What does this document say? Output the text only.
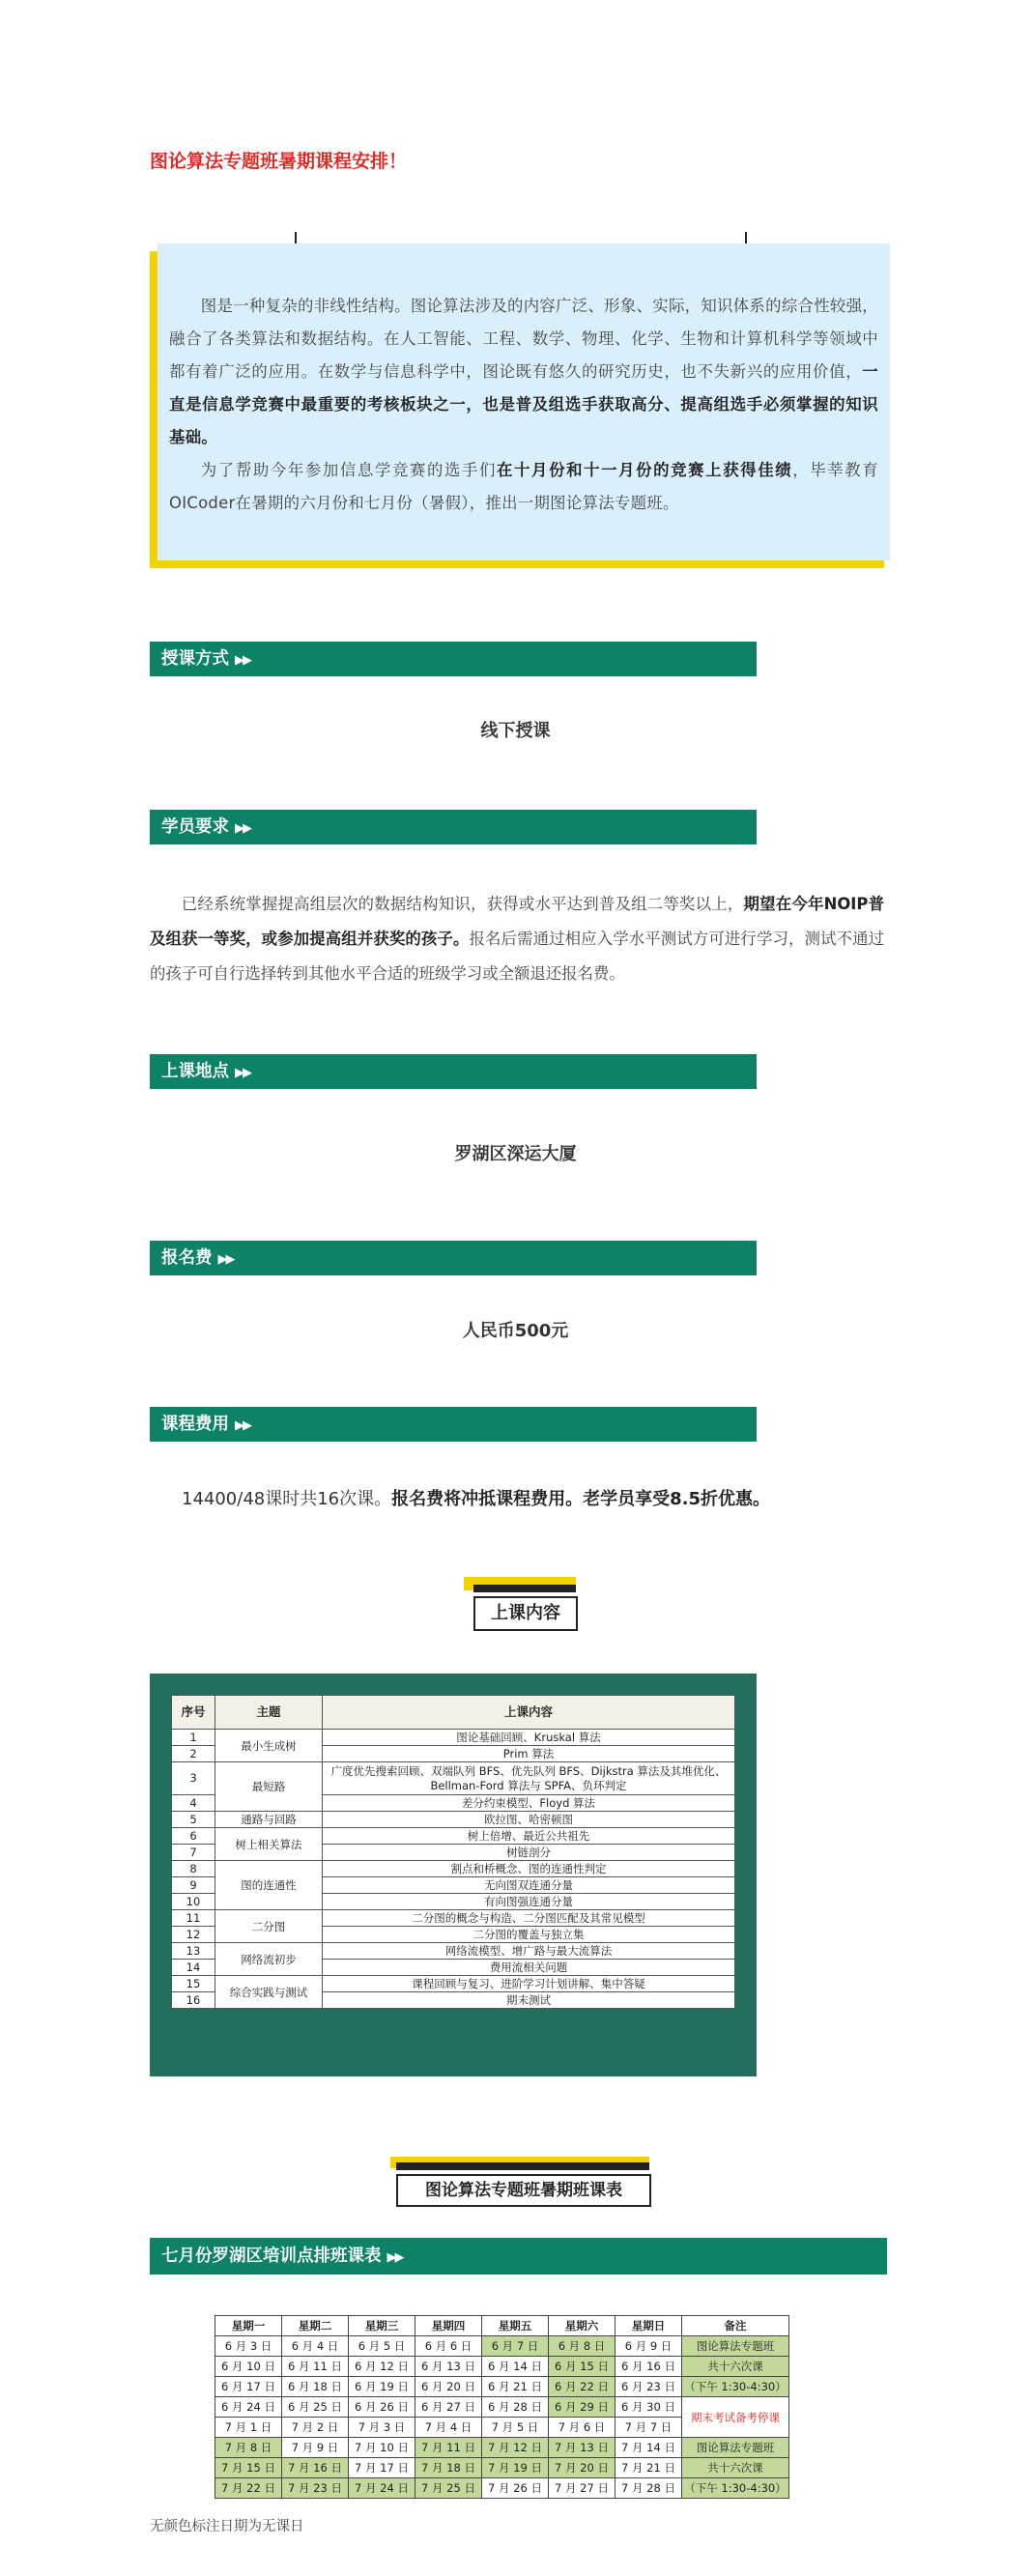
图论算法专题班暑期课程安排！

图是一种复杂的非线性结构。图论算法涉及的内容广泛、形象、实际，知识体系的综合性较强，融合了各类算法和数据结构。在人工智能、工程、数学、物理、化学、生物和计算机科学等领域中都有着广泛的应用。在数学与信息科学中，图论既有悠久的研究历史，也不失新兴的应用价值，一直是信息学竞赛中最重要的考核板块之一，也是普及组选手获取高分、提高组选手必须掌握的知识基础。

为了帮助今年参加信息学竞赛的选手们在十月份和十一月份的竞赛上获得佳绩，毕莘教育OICoder在暑期的六月份和七月份（暑假），推出一期图论算法专题班。

授课方式 ▶▶
线下授课
学员要求 ▶▶

已经系统掌握提高组层次的数据结构知识，获得或水平达到普及组二等奖以上，期望在今年NOIP普及组获一等奖，或参加提高组并获奖的孩子。报名后需通过相应入学水平测试方可进行学习，测试不通过的孩子可自行选择转到其他水平合适的班级学习或全额退还报名费。

上课地点 ▶▶
罗湖区深运大厦
报名费 ▶▶
人民币500元
课程费用 ▶▶
14400/48课时共16次课。报名费将冲抵课程费用。老学员享受8.5折优惠。
上课内容
序号	主题	上课内容
1	最小生成树	图论基础回顾、Kruskal 算法
2		Prim 算法
3	最短路	广度优先搜索回顾、双端队列 BFS、优先队列 BFS、Dijkstra 算法及其堆优化、Bellman-Ford 算法与 SPFA、负环判定
4		差分约束模型、Floyd 算法
5	通路与回路	欧拉图、哈密顿图
6	树上相关算法	树上倍增、最近公共祖先
7		树链剖分
8	图的连通性	割点和桥概念、图的连通性判定
9		无向图双连通分量
10		有向图强连通分量
11	二分图	二分图的概念与构造、二分图匹配及其常见模型
12		二分图的覆盖与独立集
13	网络流初步	网络流模型、增广路与最大流算法
14		费用流相关问题
15	综合实践与测试	课程回顾与复习、进阶学习计划讲解、集中答疑
16		期末测试
图论算法专题班暑期班课表
七月份罗湖区培训点排班课表 ▶▶
星期一	星期二	星期三	星期四	星期五	星期六	星期日	备注
6 月 3 日	6 月 4 日	6 月 5 日	6 月 6 日	6 月 7 日	6 月 8 日	6 月 9 日	图论算法专题班
6 月 10 日	6 月 11 日	6 月 12 日	6 月 13 日	6 月 14 日	6 月 15 日	6 月 16 日	共十六次课
6 月 17 日	6 月 18 日	6 月 19 日	6 月 20 日	6 月 21 日	6 月 22 日	6 月 23 日	（下午 1:30-4:30）
6 月 24 日	6 月 25 日	6 月 26 日	6 月 27 日	6 月 28 日	6 月 29 日	6 月 30 日	期末考试备考停课
7 月 1 日	7 月 2 日	7 月 3 日	7 月 4 日	7 月 5 日	7 月 6 日	7 月 7 日	
7 月 8 日	7 月 9 日	7 月 10 日	7 月 11 日	7 月 12 日	7 月 13 日	7 月 14 日	图论算法专题班
7 月 15 日	7 月 16 日	7 月 17 日	7 月 18 日	7 月 19 日	7 月 20 日	7 月 21 日	共十六次课
7 月 22 日	7 月 23 日	7 月 24 日	7 月 25 日	7 月 26 日	7 月 27 日	7 月 28 日	（下午 1:30-4:30）
无颜色标注日期为无课日
